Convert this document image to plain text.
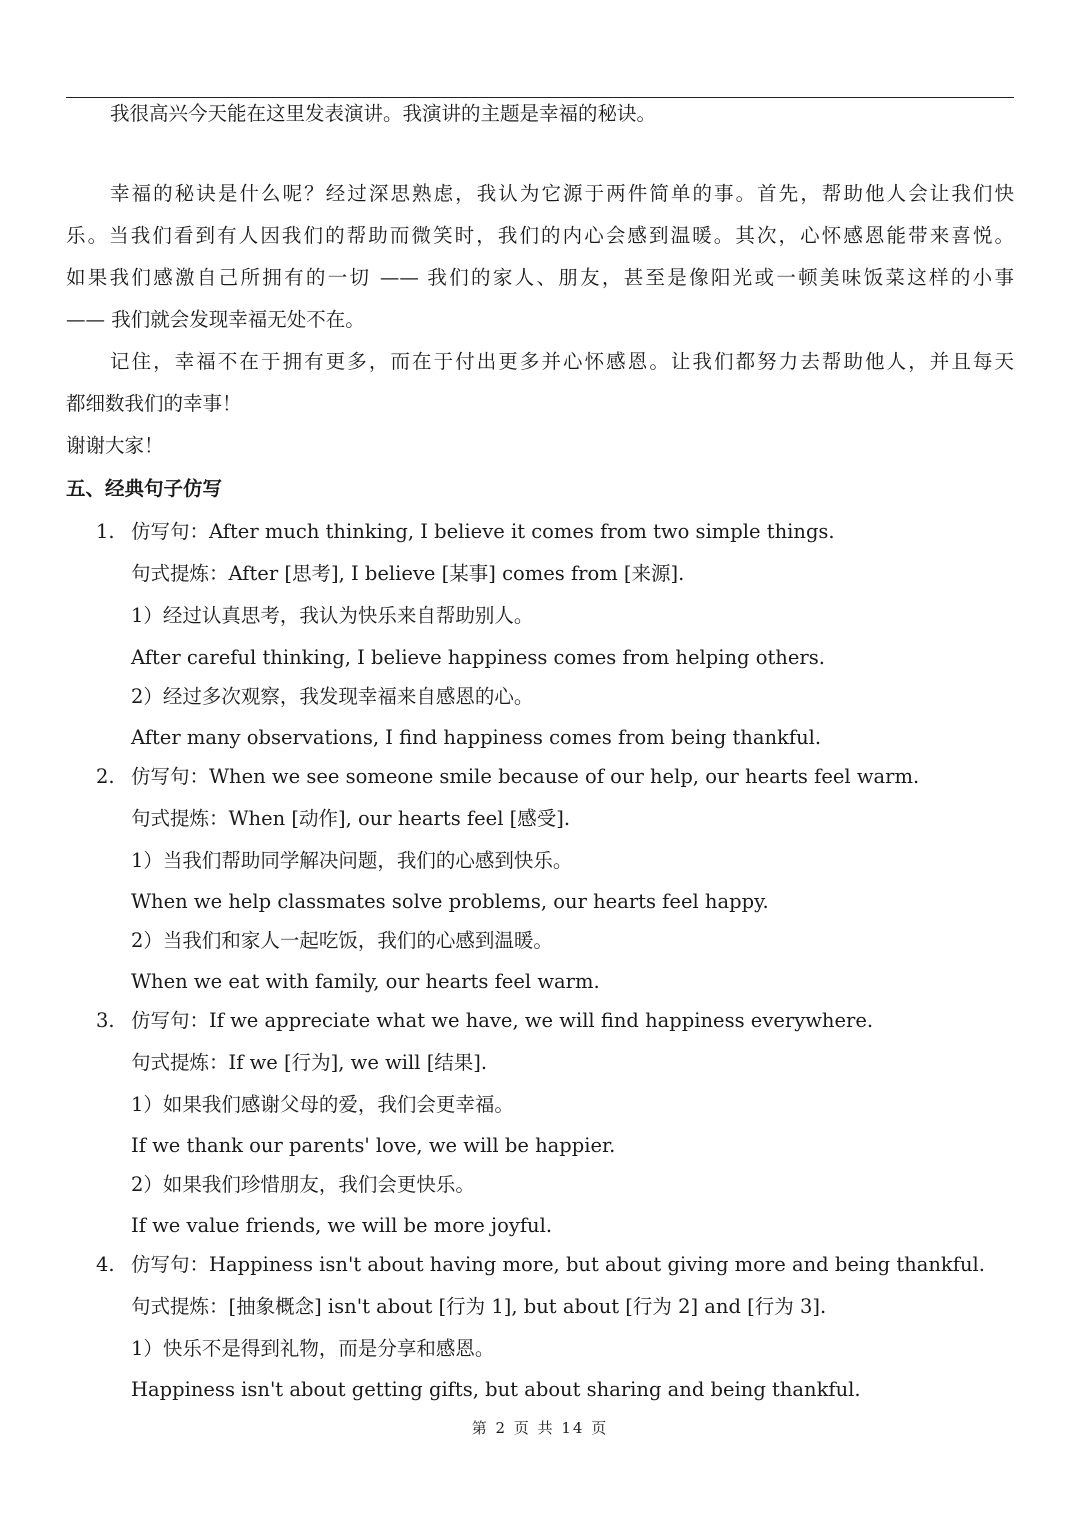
我很高兴今天能在这里发表演讲。我演讲的主题是幸福的秘诀。
幸福的秘诀是什么呢？经过深思熟虑，我认为它源于两件简单的事。首先，帮助他人会让我们快
乐。当我们看到有人因我们的帮助而微笑时，我们的内心会感到温暖。其次，心怀感恩能带来喜悦。
如果我们感激自己所拥有的一切 —— 我们的家人、朋友，甚至是像阳光或一顿美味饭菜这样的小事
—— 我们就会发现幸福无处不在。
记住，幸福不在于拥有更多，而在于付出更多并心怀感恩。让我们都努力去帮助他人，并且每天
都细数我们的幸事！
谢谢大家！
五、经典句子仿写
1. 仿写句：After much thinking, I believe it comes from two simple things.
句式提炼：After [思考], I believe [某事] comes from [来源].
1）经过认真思考，我认为快乐来自帮助别人。
After careful thinking, I believe happiness comes from helping others.
2）经过多次观察，我发现幸福来自感恩的心。
After many observations, I find happiness comes from being thankful.
2. 仿写句：When we see someone smile because of our help, our hearts feel warm.
句式提炼：When [动作], our hearts feel [感受].
1）当我们帮助同学解决问题，我们的心感到快乐。
When we help classmates solve problems, our hearts feel happy.
2）当我们和家人一起吃饭，我们的心感到温暖。
When we eat with family, our hearts feel warm.
3. 仿写句：If we appreciate what we have, we will find happiness everywhere.
句式提炼：If we [行为], we will [结果].
1）如果我们感谢父母的爱，我们会更幸福。
If we thank our parents' love, we will be happier.
2）如果我们珍惜朋友，我们会更快乐。
If we value friends, we will be more joyful.
4. 仿写句：Happiness isn't about having more, but about giving more and being thankful.
句式提炼：[抽象概念] isn't about [行为 1], but about [行为 2] and [行为 3].
1）快乐不是得到礼物，而是分享和感恩。
Happiness isn't about getting gifts, but about sharing and being thankful.
第 2 页 共 14 页
